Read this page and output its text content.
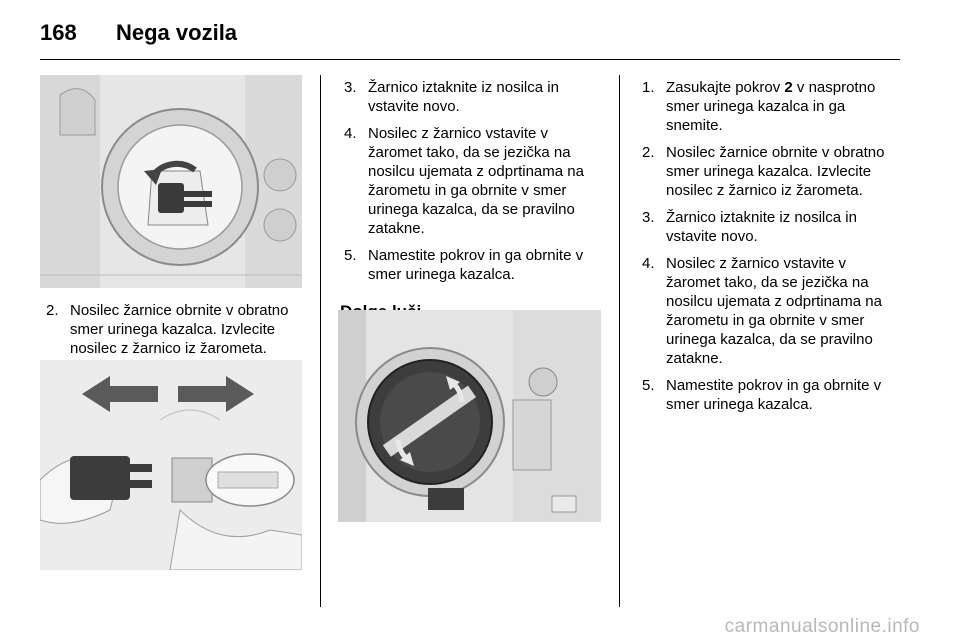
168 Nega vozila
2. Nosilec žarnice obrnite v obratno smer urinega kazalca. Izvlecite nosilec z žarnico iz žarometa.
3. Žarnico iztaknite iz nosilca in vstavite novo.
4. Nosilec z žarnico vstavite v žaromet tako, da se jezička na nosilcu ujemata z odprtinama na žarometu in ga obrnite v smer urinega kazalca, da se pravilno zatakne.
5. Namestite pokrov in ga obrnite v smer urinega kazalca.
1. Zasukajte pokrov 2 v nasprotno smer urinega kazalca in ga snemite.
2. Nosilec žarnice obrnite v obratno smer urinega kazalca. Izvlecite nosilec z žarnico iz žarometa.
3. Žarnico iztaknite iz nosilca in vstavite novo.
4. Nosilec z žarnico vstavite v žaromet tako, da se jezička na nosilcu ujemata z odprtinama na žarometu in ga obrnite v smer urinega kazalca, da se pravilno zatakne.
5. Namestite pokrov in ga obrnite v smer urinega kazalca.
carmanualsonline.info
